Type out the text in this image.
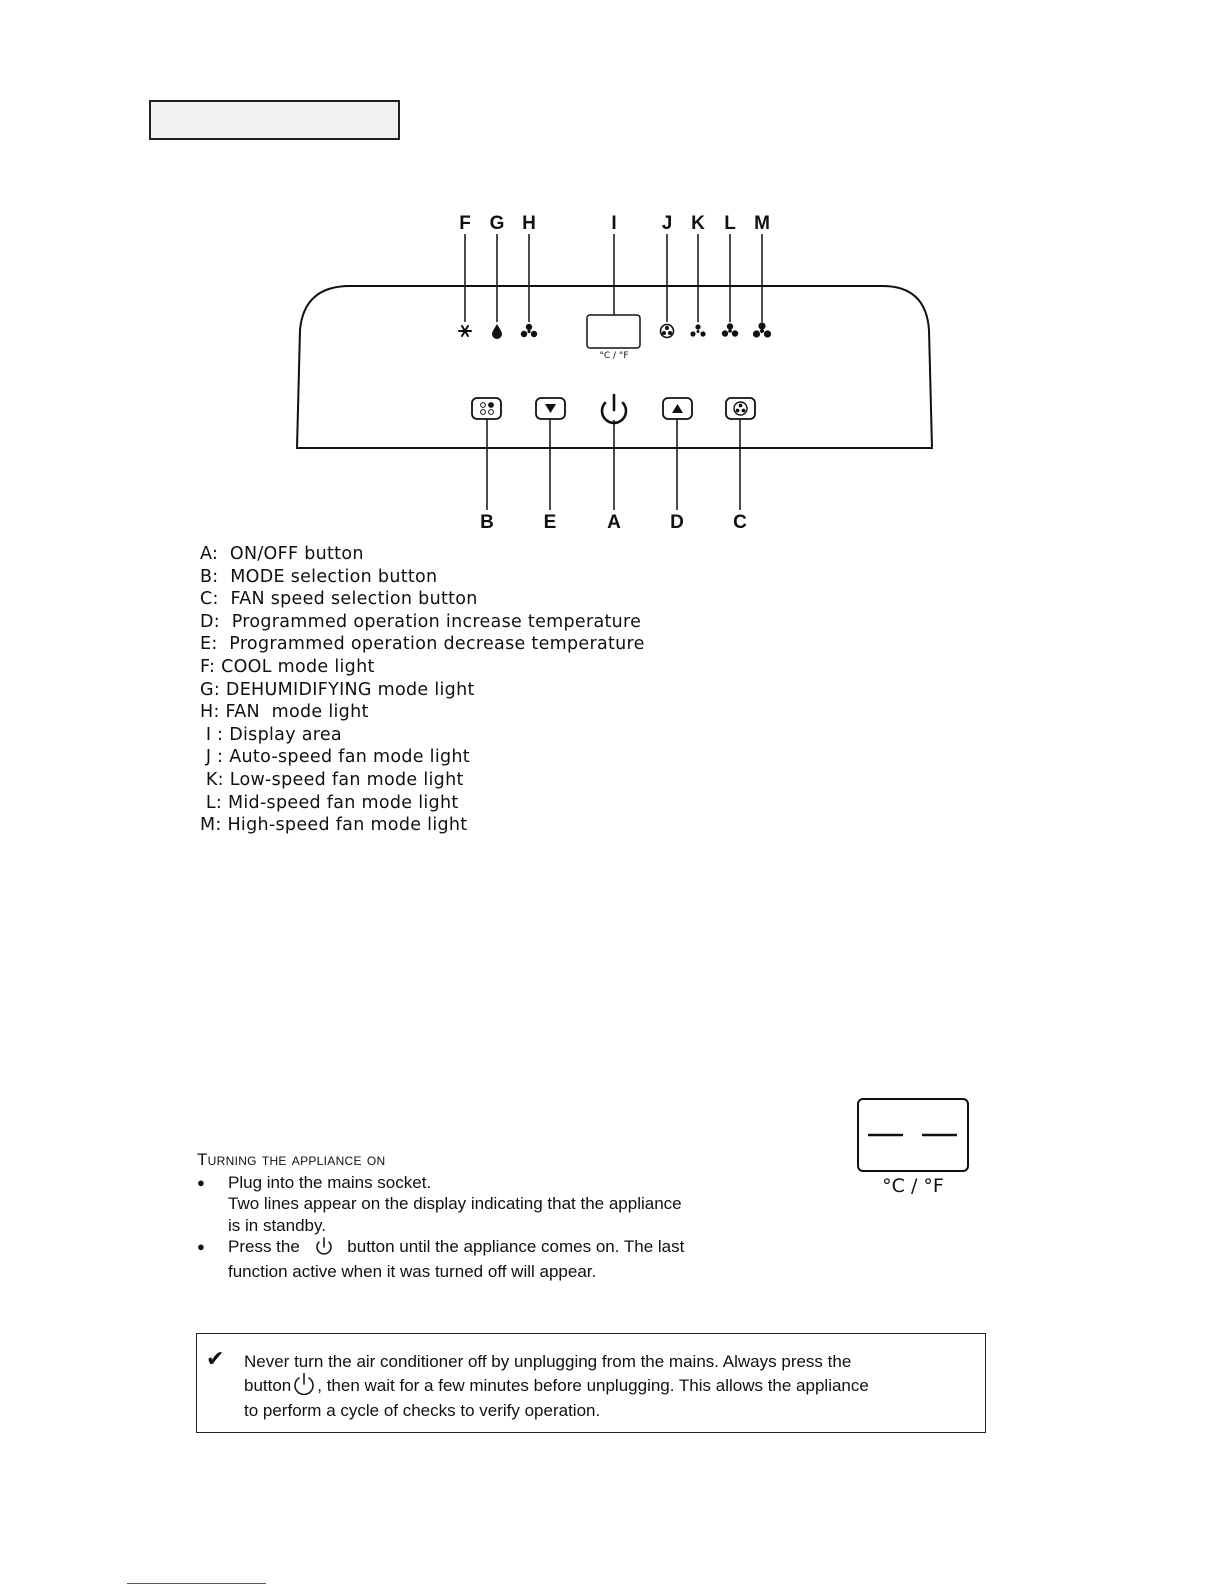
F G H	I J K L M
°C / °F
B	E	A	D	C
A:  ON/OFF button
B:  MODE selection button
C:  FAN speed selection button
D:  Programmed operation increase temperature
E:  Programmed operation decrease temperature
F: COOL mode light
G: DEHUMIDIFYING mode light
H: FAN  mode light
I : Display area
J : Auto-speed fan mode light
K: Low-speed fan mode light
L: Mid-speed fan mode light
M: High-speed fan mode light
Turning the appliance on
● Plug into the mains socket.
Two lines appear on the display indicating that the appliance
is in standby.
● Press the	button until the appliance comes on. The last
function active when it was turned off will appear.
°C / °F
✔ Never turn the air conditioner off by unplugging from the mains. Always press the
button , then wait for a few minutes before unplugging. This allows the appliance
to perform a cycle of checks to verify operation.
